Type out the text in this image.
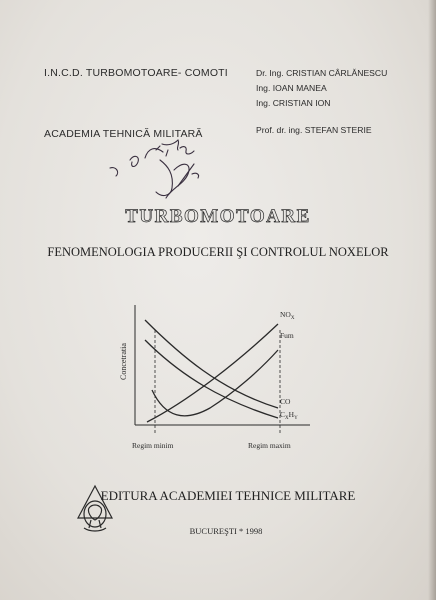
I.N.C.D. TURBOMOTOARE- COMOTI
ACADEMIA TEHNICĂ MILITARĂ
Dr. Ing. CRISTIAN CÂRLĂNESCU
Ing. IOAN MANEA
Ing. CRISTIAN ION
Prof. dr. ing. STEFAN STERIE
TURBOMOTOARE
FENOMENOLOGIA PRODUCERII ŞI CONTROLUL NOXELOR
Concetratia
$NO_X$
Fum
CO
$C_XH_Y$
Regim minim	Regim maxim
EDITURA ACADEMIEI TEHNICE MILITARE
BUCUREŞTI * 1998
